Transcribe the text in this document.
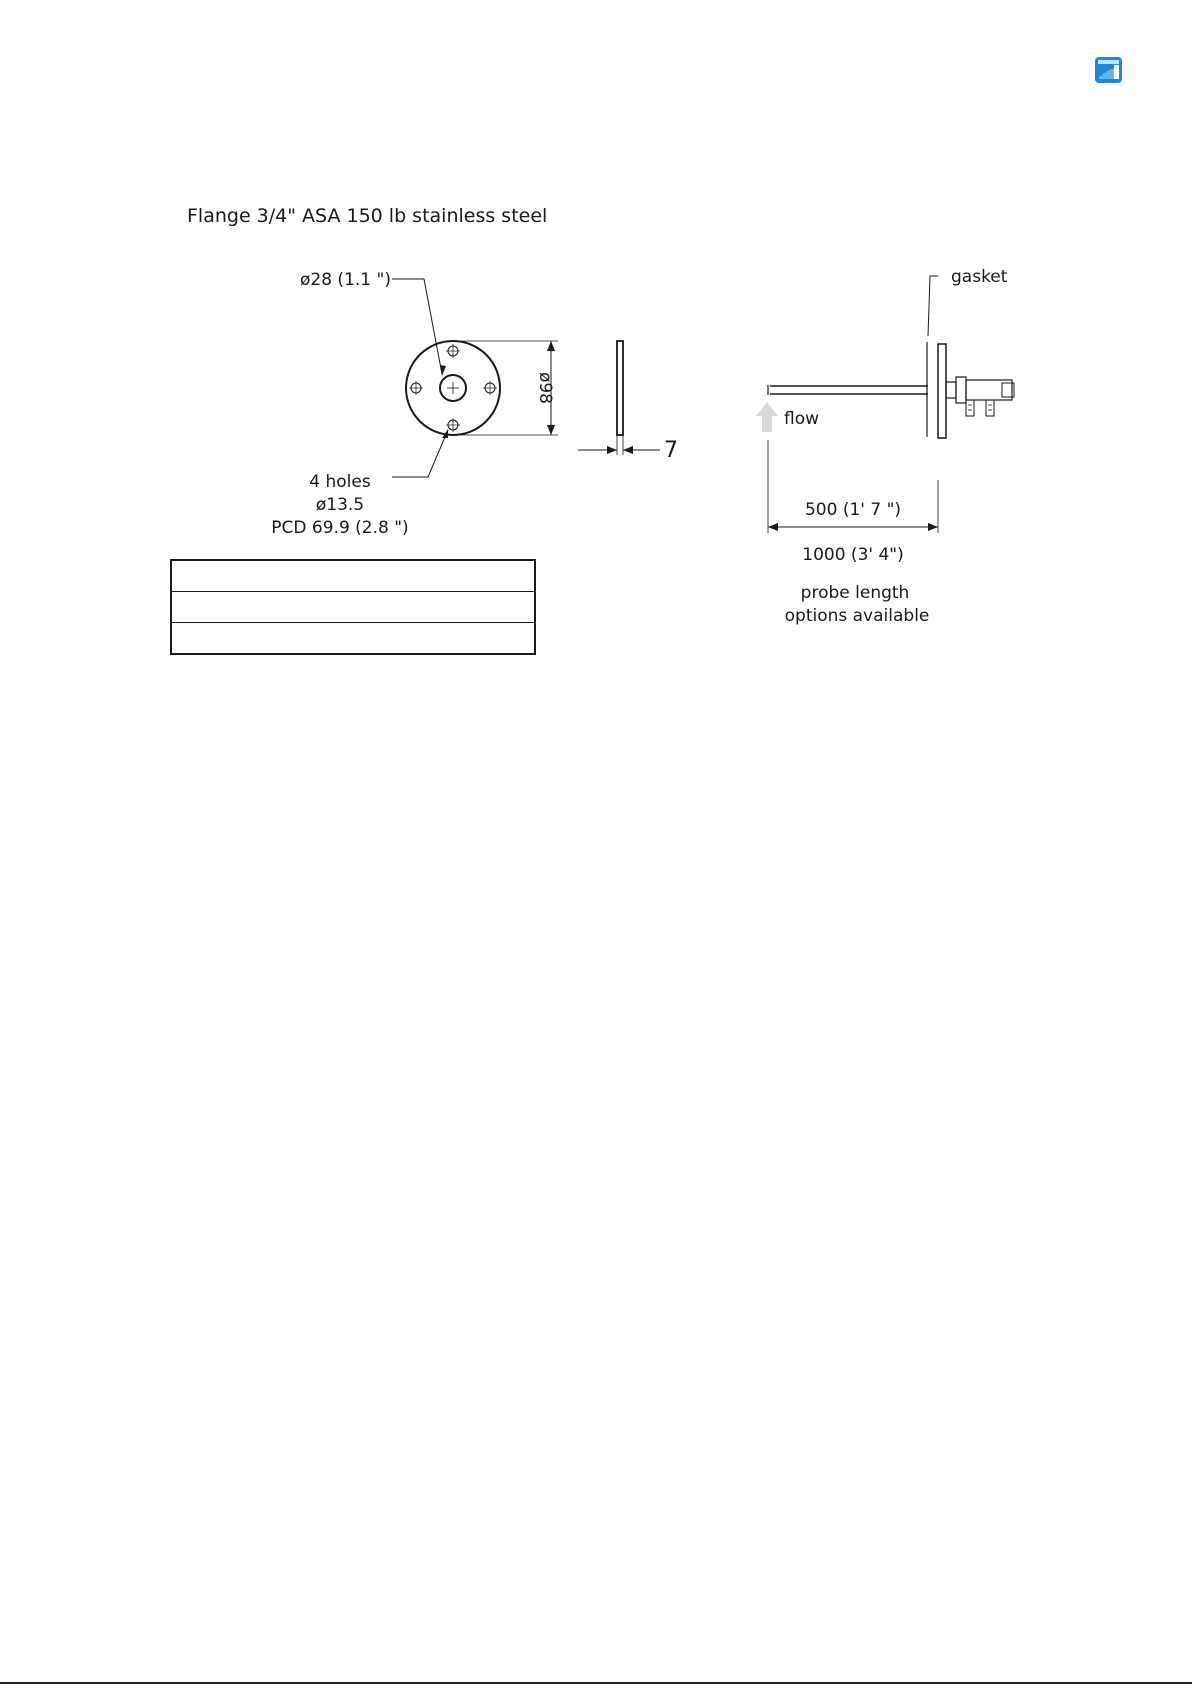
Flange 3/4" ASA 150 lb stainless steel
ø28 (1.1 ")
4 holes
ø13.5
PCD 69.9 (2.8 ")
ø98
7
gasket
flow
500 (1' 7 ")
1000 (3' 4")
probe length
options available
